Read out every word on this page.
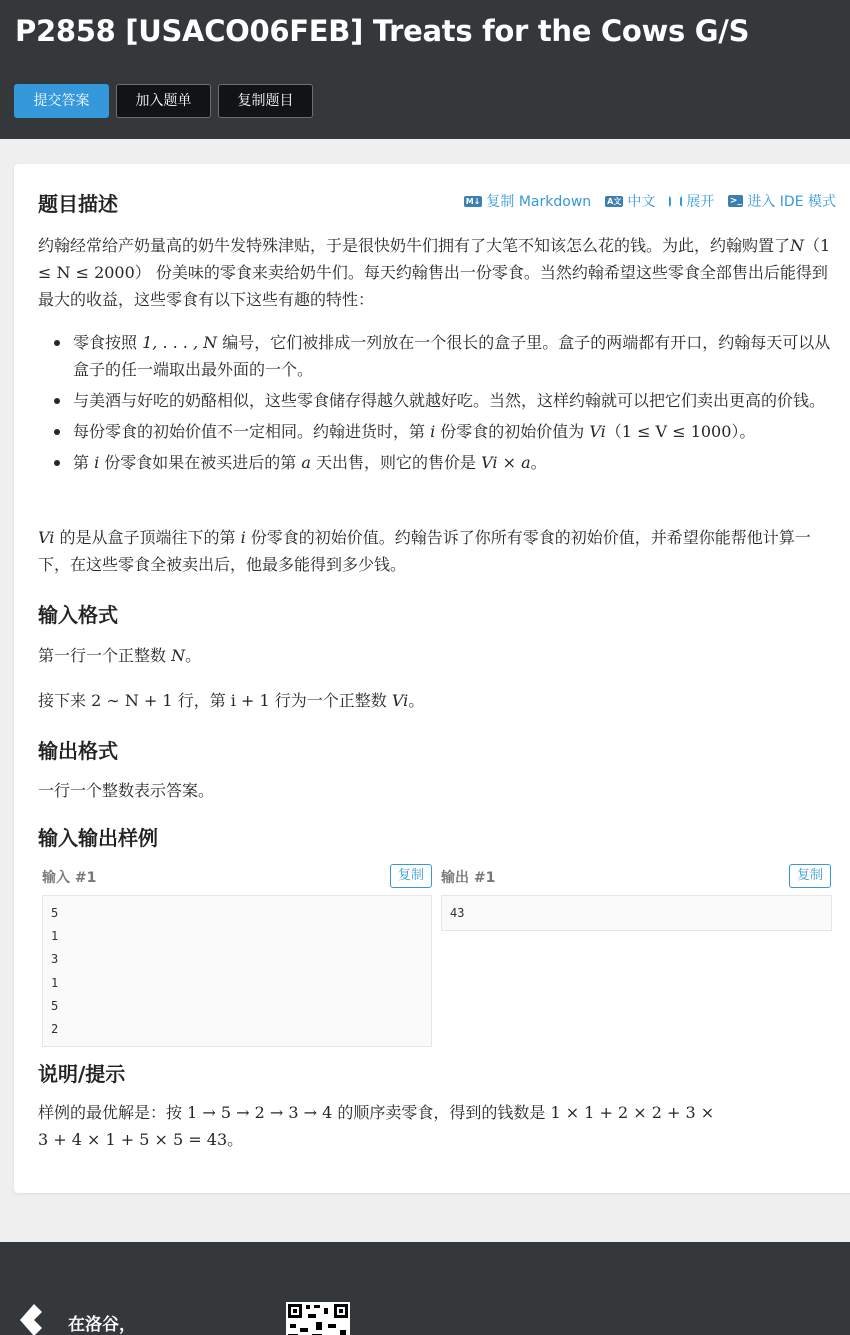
P2858 [USACO06FEB] Treats for the Cows G/S
提交答案	加入题单	复制题目
题目描述	M↓ 复制 Markdown A文 中文 展开 >_ 进入 IDE 模式
约翰经常给产奶量高的奶牛发特殊津贴，于是很快奶牛们拥有了大笔不知该怎么花的钱。为此，约翰购置了N（1 ≤ N ≤ 2000） 份美味的零食来卖给奶牛们。每天约翰售出一份零食。当然约翰希望这些零食全部售出后能得到最大的收益，这些零食有以下这些有趣的特性：
零食按照 1, . . . , N 编号，它们被排成一列放在一个很长的盒子里。盒子的两端都有开口，约翰每天可以从盒子的任一端取出最外面的一个。
与美酒与好吃的奶酪相似，这些零食储存得越久就越好吃。当然，这样约翰就可以把它们卖出更高的价钱。
每份零食的初始价值不一定相同。约翰进货时，第 i 份零食的初始价值为 Vi（1 ≤ V ≤ 1000）。
第 i 份零食如果在被买进后的第 a 天出售，则它的售价是 Vi × a。
Vi 的是从盒子顶端往下的第 i 份零食的初始价值。约翰告诉了你所有零食的初始价值，并希望你能帮他计算一下，在这些零食全被卖出后，他最多能得到多少钱。
输入格式
第一行一个正整数 N。
接下来 2 ∼ N + 1 行，第 i + 1 行为一个正整数 Vi。
输出格式
一行一个整数表示答案。
输入输出样例
输入 #1	复制
5
1
3
1
5
2
输出 #1	复制
43
说明/提示
样例的最优解是：按 1 → 5 → 2 → 3 → 4 的顺序卖零食，得到的钱数是 1 × 1 + 2 × 2 + 3 ×
3 + 4 × 1 + 5 × 5 = 43。
在洛谷，
